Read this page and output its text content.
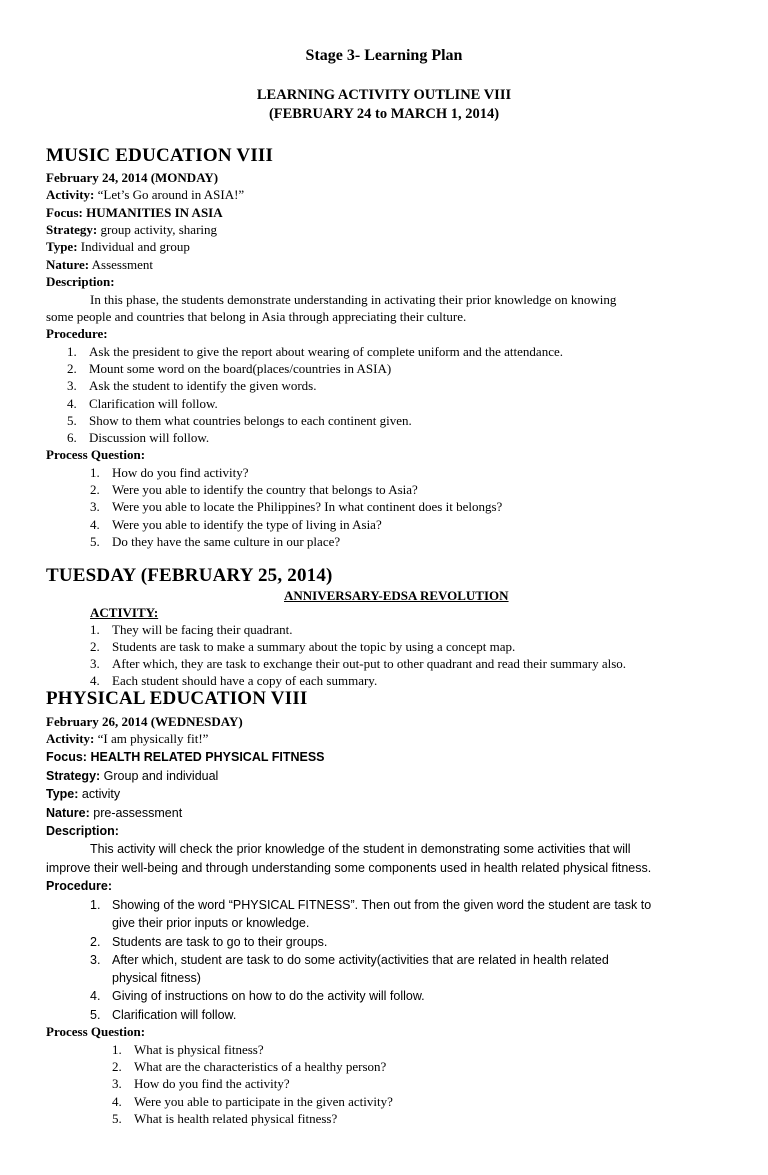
Stage 3- Learning Plan
LEARNING ACTIVITY OUTLINE VIII
(FEBRUARY 24 to MARCH 1, 2014)
MUSIC EDUCATION VIII
February 24, 2014 (MONDAY)
Activity: “Let’s Go around in ASIA!”
Focus: HUMANITIES IN ASIA
Strategy: group activity, sharing
Type: Individual and group
Nature: Assessment
Description:
In this phase, the students demonstrate understanding in activating their prior knowledge on knowing
some people and countries that belong in Asia through appreciating their culture.
Procedure:
1. Ask the president to give the report about wearing of complete uniform and the attendance.
2. Mount some word on the board(places/countries in ASIA)
3. Ask the student to identify the given words.
4. Clarification will follow.
5. Show to them what countries belongs to each continent given.
6. Discussion will follow.
Process Question:
1. How do you find activity?
2. Were you able to identify the country that belongs to Asia?
3. Were you able to locate the Philippines? In what continent does it belongs?
4. Were you able to identify the type of living in Asia?
5. Do they have the same culture in our place?
TUESDAY (FEBRUARY 25, 2014)
ANNIVERSARY-EDSA REVOLUTION
ACTIVITY:
1. They will be facing their quadrant.
2. Students are task to make a summary about the topic by using a concept map.
3. After which, they are task to exchange their out-put to other quadrant and read their summary also.
4. Each student should have a copy of each summary.
PHYSICAL EDUCATION VIII
February 26, 2014 (WEDNESDAY)
Activity: “I am physically fit!”
Focus: HEALTH RELATED PHYSICAL FITNESS
Strategy: Group and individual
Type: activity
Nature: pre-assessment
Description:
This activity will check the prior knowledge of the student in demonstrating some activities that will
improve their well-being and through understanding some components used in health related physical fitness.
Procedure:
1. Showing of the word “PHYSICAL FITNESS”. Then out from the given word the student are task to
give their prior inputs or knowledge.
2. Students are task to go to their groups.
3. After which, student are task to do some activity(activities that are related in health related
physical fitness)
4. Giving of instructions on how to do the activity will follow.
5. Clarification will follow.
Process Question:
1. What is physical fitness?
2. What are the characteristics of a healthy person?
3. How do you find the activity?
4. Were you able to participate in the given activity?
5. What is health related physical fitness?
